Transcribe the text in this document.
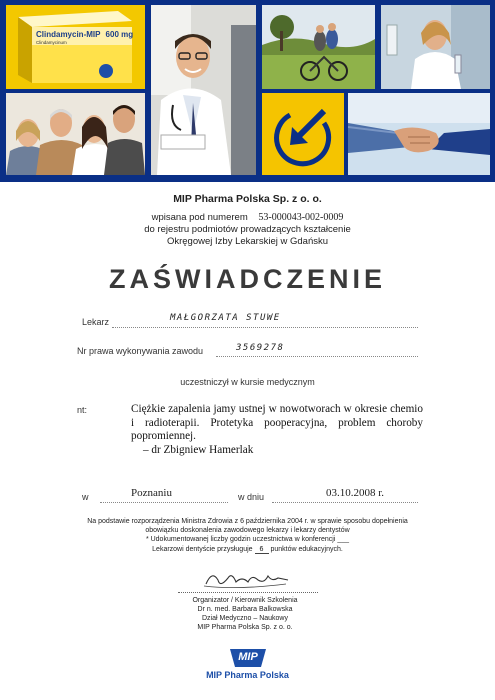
Clindamycin-MIP 600 mg
Clindamycinum
MIP Pharma Polska Sp. z o. o.
wpisana pod numerem 53-000043-002-0009
do rejestru podmiotów prowadzących kształcenie
Okręgowej Izby Lekarskiej w Gdańsku
ZAŚWIADCZENIE
Lekarz	MAŁGORZATA STUWE
Nr prawa wykonywania zawodu	3569278
uczestniczył w kursie medycznym
nt:	Ciężkie zapalenia jamy ustnej w nowotworach w okresie chemio
i radioterapii. Protetyka pooperacyjna, problem choroby
popromiennej.
– dr Zbigniew Hamerlak
w	Poznaniu	w dniu	03.10.2008 r.
Na podstawie rozporządzenia Ministra Zdrowia z 6 października 2004 r. w sprawie sposobu dopełnienia
obowiązku doskonalenia zawodowego lekarzy i lekarzy dentystów
* Udokumentowanej liczby godzin uczestnictwa w konferencji ___
Lekarzowi dentyście przysługuje 6 punktów edukacyjnych.
Organizator / Kierownik Szkolenia
Dr n. med. Barbara Balkowska
Dział Medyczno – Naukowy
MIP Pharma Polska Sp. z o. o.
MIP
MIP Pharma Polska
